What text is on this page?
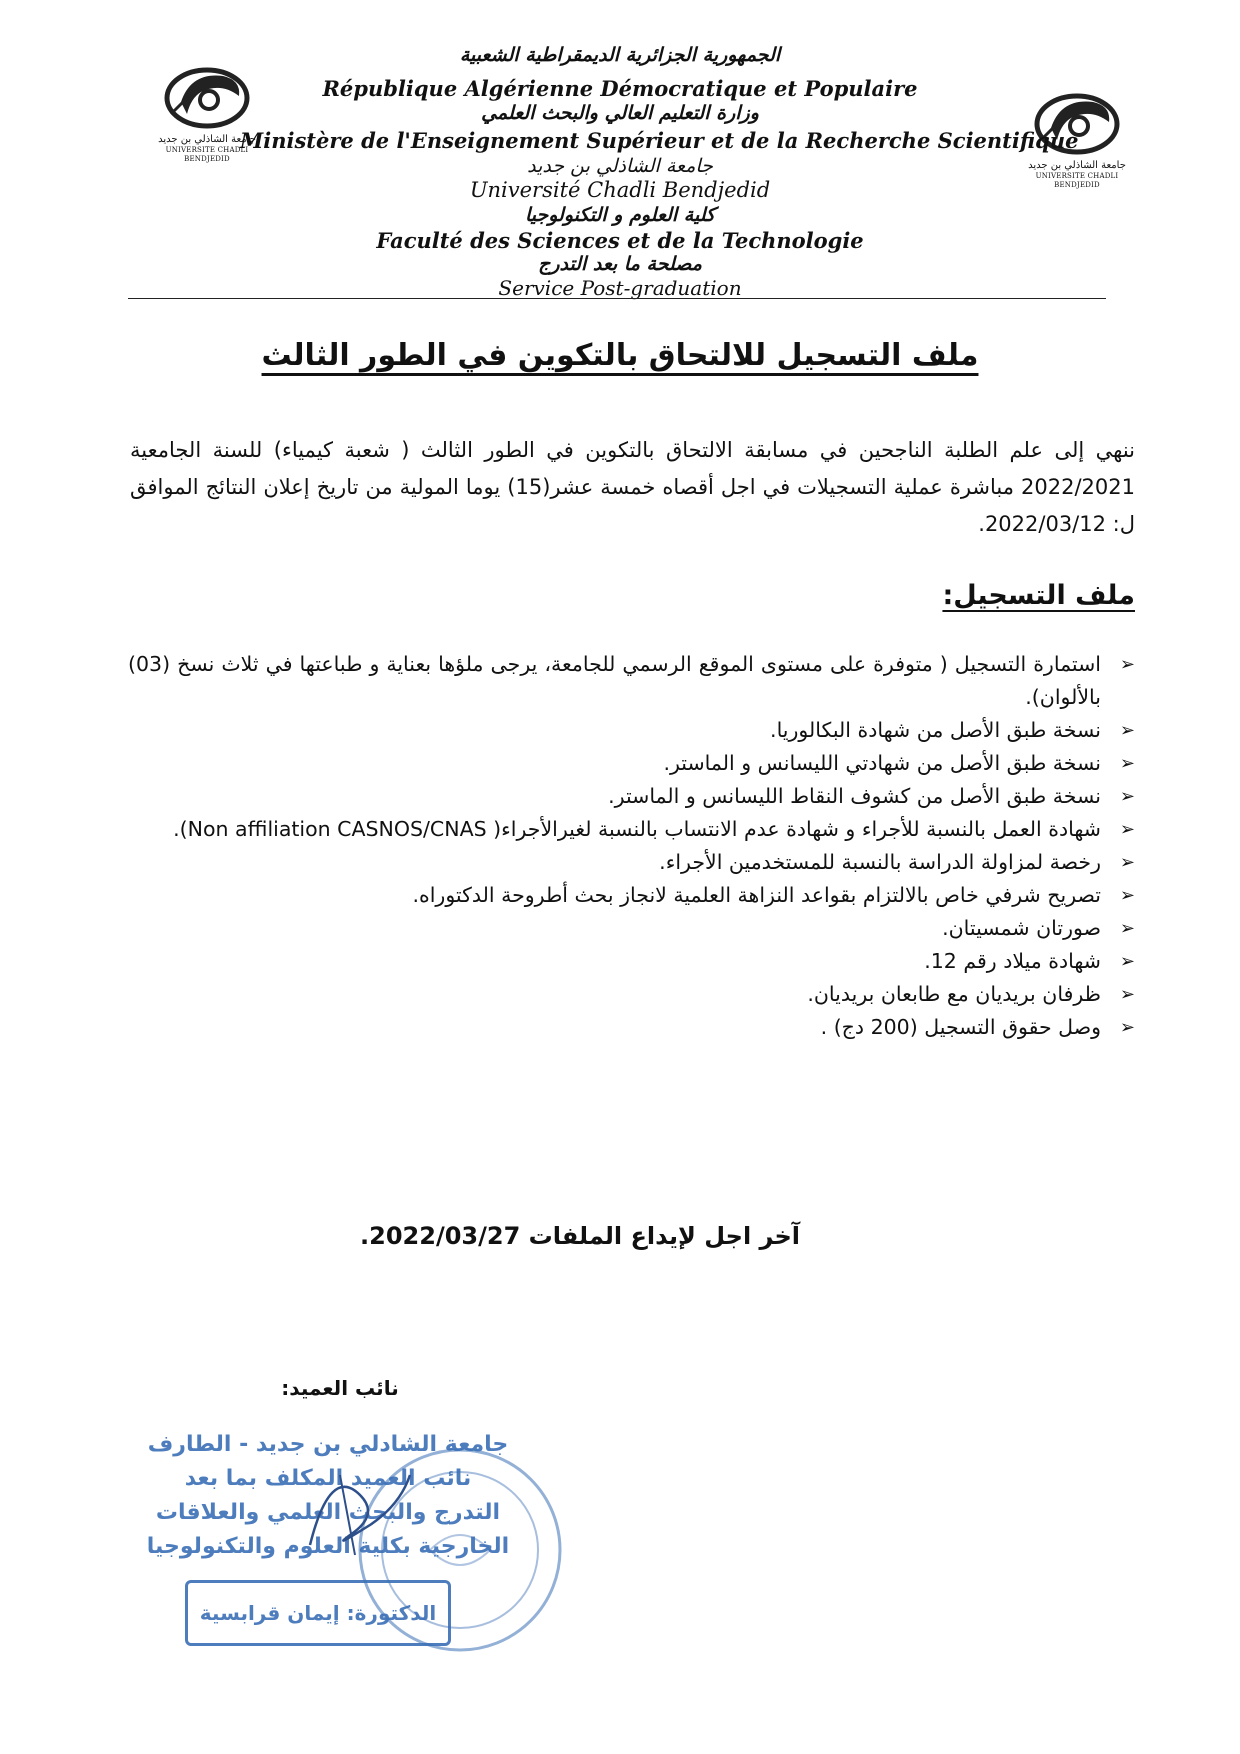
جامعة الشاذلي بن جديد
UNIVERSITE CHADLI BENDJEDID
جامعة الشاذلي بن جديد
UNIVERSITE CHADLI BENDJEDID
الجمهورية الجزائرية الديمقراطية الشعبية
République Algérienne Démocratique et Populaire
وزارة التعليم العالي والبحث العلمي
Ministère de l'Enseignement Supérieur et de la Recherche Scientifique
جامعة الشاذلي بن جديد
Université Chadli Bendjedid
كلية العلوم و التكنولوجيا
Faculté des Sciences et de la Technologie
مصلحة ما بعد التدرج
Service Post-graduation
ملف التسجيل للالتحاق بالتكوين في الطور الثالث
ننهي إلى علم الطلبة الناجحين في مسابقة الالتحاق بالتكوين في الطور الثالث ( شعبة كيمياء) للسنة الجامعية 2022/2021 مباشرة عملية التسجيلات في اجل أقصاه خمسة عشر(15) يوما المولية من تاريخ إعلان النتائج الموافق ل: 2022/03/12.
ملف التسجيل:
➢
استمارة التسجيل ( متوفرة على مستوى الموقع الرسمي للجامعة، يرجى ملؤها بعناية و طباعتها في ثلاث نسخ (03) بالألوان).
➢
نسخة طبق الأصل من شهادة البكالوريا.
➢
نسخة طبق الأصل من شهادتي الليسانس و الماستر.
➢
نسخة طبق الأصل من كشوف النقاط الليسانس و الماستر.
➢
شهادة العمل بالنسبة للأجراء و شهادة عدم الانتساب بالنسبة لغيرالأجراء( Non affiliation CASNOS/CNAS).
➢
رخصة لمزاولة الدراسة بالنسبة للمستخدمين الأجراء.
➢
تصريح شرفي خاص بالالتزام بقواعد النزاهة العلمية لانجاز بحث أطروحة الدكتوراه.
➢
صورتان شمسيتان.
➢
شهادة ميلاد رقم 12.
➢
ظرفان بريديان مع طابعان بريديان.
➢
وصل حقوق التسجيل (200 دج) .
آخر اجل لإيداع الملفات 2022/03/27.
نائب العميد:
جامعة الشادلي بن جديد - الطارف
نائب العميد المكلف بما بعد
التدرج والبحث العلمي والعلاقات
الخارجية بكلية العلوم والتكنولوجيا
الدكتورة: إيمان قرابسية
